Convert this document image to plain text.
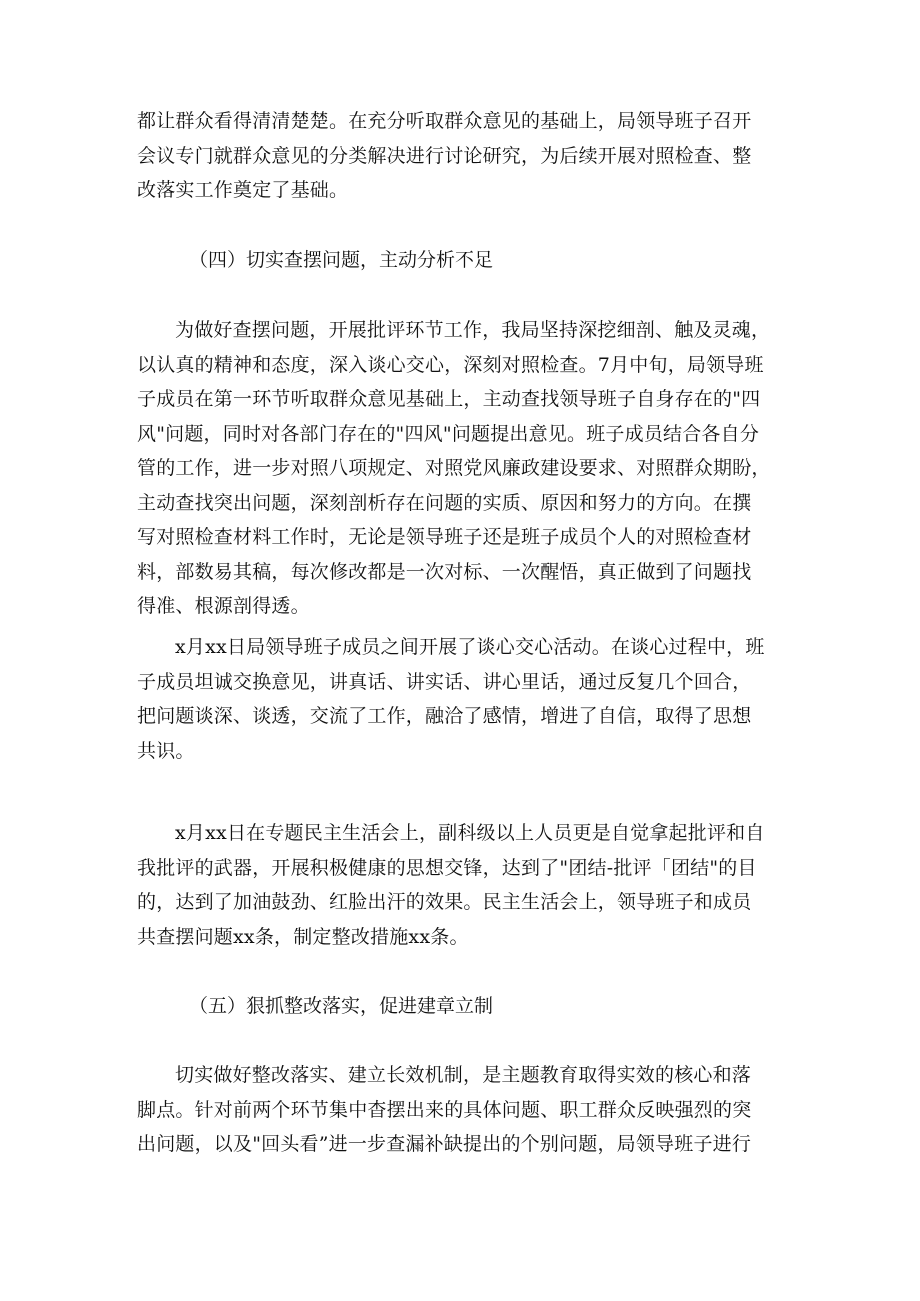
都让群众看得清清楚楚。在充分听取群众意见的基础上，局领导班子召开
会议专门就群众意见的分类解决进行讨论研究，为后续开展对照检查、整
改落实工作奠定了基础。
（四）切实查摆问题，主动分析不足
为做好查摆问题，开展批评环节工作，我局坚持深挖细剖、触及灵魂，
以认真的精神和态度，深入谈心交心，深刻对照检查。7月中旬，局领导班
子成员在第一环节听取群众意见基础上，主动查找领导班子自身存在的"四
风"问题，同时对各部门存在的"四风"问题提出意见。班子成员结合各自分
管的工作，进一步对照八项规定、对照党风廉政建设要求、对照群众期盼，
主动查找突出问题，深刻剖析存在问题的实质、原因和努力的方向。在撰
写对照检查材料工作时，无论是领导班子还是班子成员个人的对照检查材
料，部数易其稿，每次修改都是一次对标、一次醒悟，真正做到了问题找
得准、根源剖得透。
x月xx日局领导班子成员之间开展了谈心交心活动。在谈心过程中，班
子成员坦诚交换意见，讲真话、讲实话、讲心里话，通过反复几个回合，
把问题谈深、谈透，交流了工作，融洽了感情，增进了自信，取得了思想
共识。
x月xx日在专题民主生活会上，副科级以上人员更是自觉拿起批评和自
我批评的武器，开展积极健康的思想交锋，达到了"团结-批评「团结"的目
的，达到了加油鼓劲、红脸出汗的效果。民主生活会上，领导班子和成员
共查摆问题xx条，制定整改措施xx条。
（五）狠抓整改落实，促进建章立制
切实做好整改落实、建立长效机制，是主题教育取得实效的核心和落
脚点。针对前两个环节集中杳摆出来的具体问题、职工群众反映强烈的突
出问题，以及"回头看”进一步查漏补缺提出的个别问题，局领导班子进行
